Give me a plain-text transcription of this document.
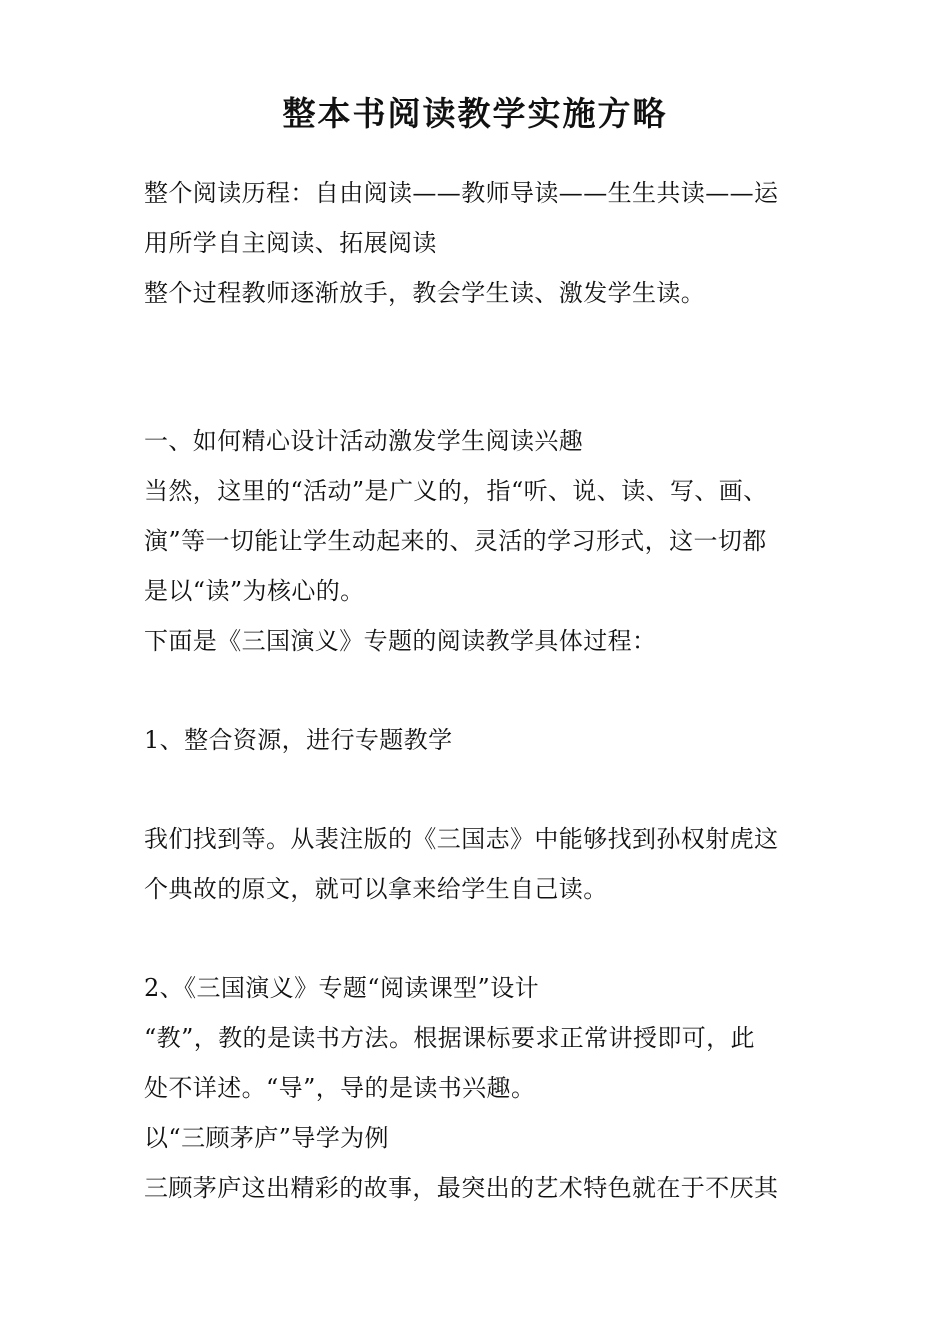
整本书阅读教学实施方略
整个阅读历程：自由阅读——教师导读——生生共读——运
用所学自主阅读、拓展阅读
整个过程教师逐渐放手，教会学生读、激发学生读。
一、如何精心设计活动激发学生阅读兴趣
当然，这里的“活动”是广义的，指“听、说、读、写、画、
演”等一切能让学生动起来的、灵活的学习形式，这一切都
是以“读”为核心的。
下面是《三国演义》专题的阅读教学具体过程：
1、整合资源，进行专题教学
我们找到等。从裴注版的《三国志》中能够找到孙权射虎这
个典故的原文，就可以拿来给学生自己读。
2、《三国演义》专题“阅读课型”设计
“教”，教的是读书方法。根据课标要求正常讲授即可，此
处不详述。“导”，导的是读书兴趣。
以“三顾茅庐”导学为例
三顾茅庐这出精彩的故事，最突出的艺术特色就在于不厌其
